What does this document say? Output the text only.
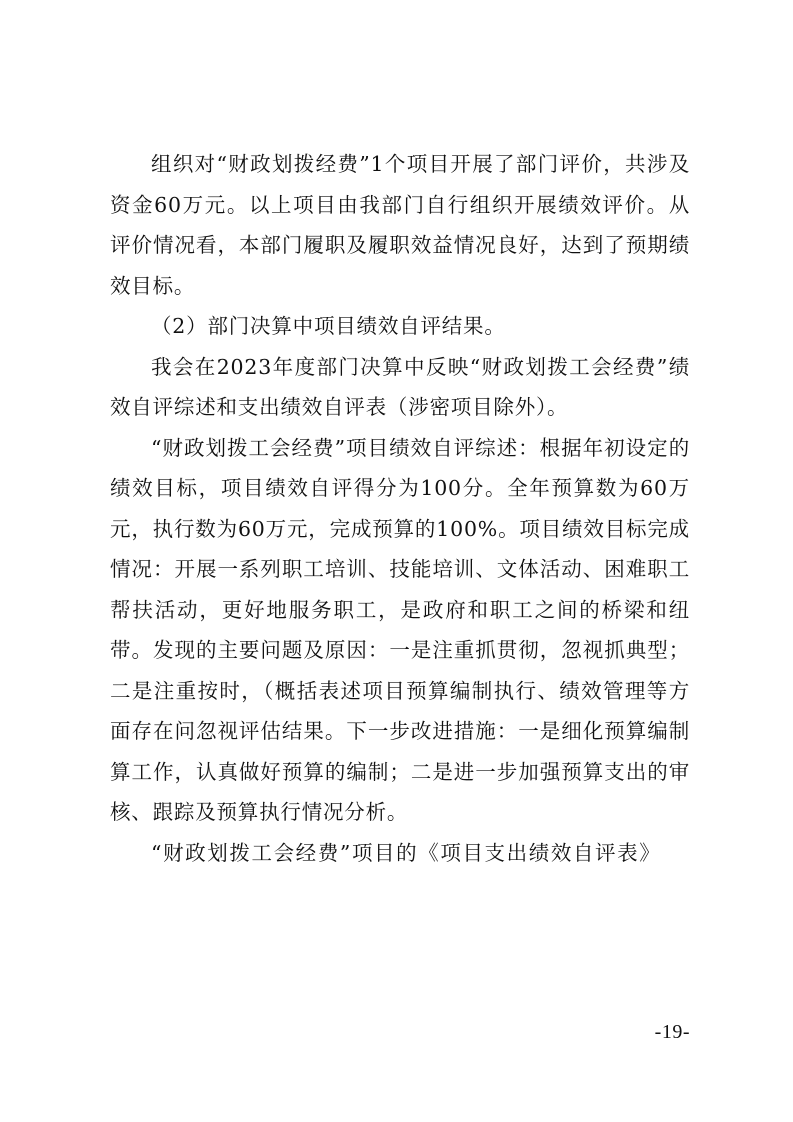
组织对“财政划拨经费”1个项目开展了部门评价，共涉及资金60万元。以上项目由我部门自行组织开展绩效评价。从评价情况看，本部门履职及履职效益情况良好，达到了预期绩效目标。

（2）部门决算中项目绩效自评结果。

我会在2023年度部门决算中反映“财政划拨工会经费”绩效自评综述和支出绩效自评表（涉密项目除外）。

“财政划拨工会经费”项目绩效自评综述：根据年初设定的绩效目标，项目绩效自评得分为100分。全年预算数为60万元，执行数为60万元，完成预算的100%。项目绩效目标完成情况：开展一系列职工培训、技能培训、文体活动、困难职工帮扶活动，更好地服务职工，是政府和职工之间的桥梁和纽带。发现的主要问题及原因：一是注重抓贯彻，忽视抓典型；二是注重按时，（概括表述项目预算编制执行、绩效管理等方面存在问忽视评估结果。下一步改进措施：一是细化预算编制算工作，认真做好预算的编制；二是进一步加强预算支出的审核、跟踪及预算执行情况分析。

“财政划拨工会经费”项目的《项目支出绩效自评表》

-19-
